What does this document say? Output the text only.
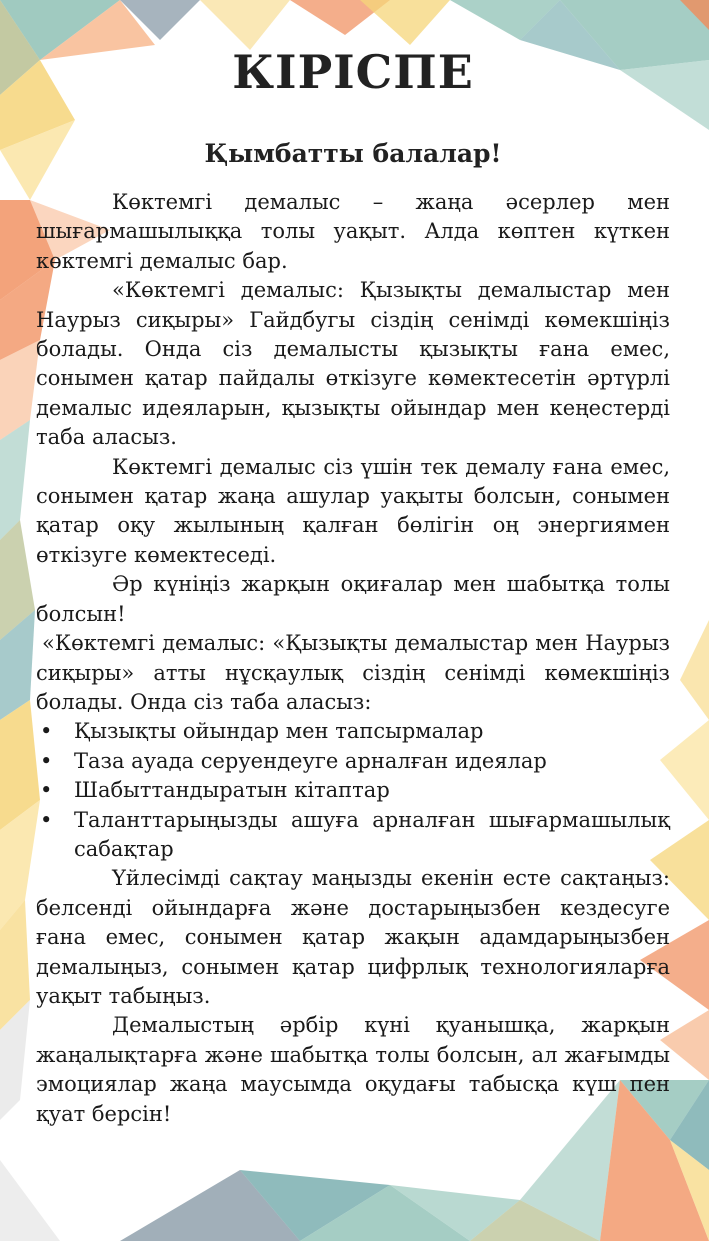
КІРІСПЕ
Қымбатты балалар!

Көктемгі демалыс – жаңа әсерлер мен шығармашылыққа толы уақыт. Алда көптен күткен көктемгі демалыс бар.

«Көктемгі демалыс: Қызықты демалыстар мен Наурыз сиқыры» Гайдбугы сіздің сенімді көмекшіңіз болады. Онда сіз демалысты қызықты ғана емес, сонымен қатар пайдалы өткізуге көмектесетін әртүрлі демалыс идеяларын, қызықты ойындар мен кеңестерді таба аласыз.

Көктемгі демалыс сіз үшін тек демалу ғана емес, сонымен қатар жаңа ашулар уақыты болсын, сонымен қатар оқу жылының қалған бөлігін оң энергиямен өткізуге көмектеседі.

Әр күніңіз жарқын оқиғалар мен шабытқа толы болсын!

«Көктемгі демалыс: «Қызықты демалыстар мен Наурыз сиқыры» атты нұсқаулық сіздің сенімді көмекшіңіз болады. Онда сіз таба аласыз:

• Қызықты ойындар мен тапсырмалар
• Таза ауада серуендеуге арналған идеялар
• Шабыттандыратын кітаптар
• Таланттарыңызды ашуға арналған шығармашылық сабақтар

Үйлесімді сақтау маңызды екенін есте сақтаңыз: белсенді ойындарға және достарыңызбен кездесуге ғана емес, сонымен қатар жақын адамдарыңызбен демалыңыз, сонымен қатар цифрлық технологияларға уақыт табыңыз.

Демалыстың әрбір күні қуанышқа, жарқын жаңалықтарға және шабытқа толы болсын, ал жағымды эмоциялар жаңа маусымда оқудағы табысқа күш пен қуат берсін!
